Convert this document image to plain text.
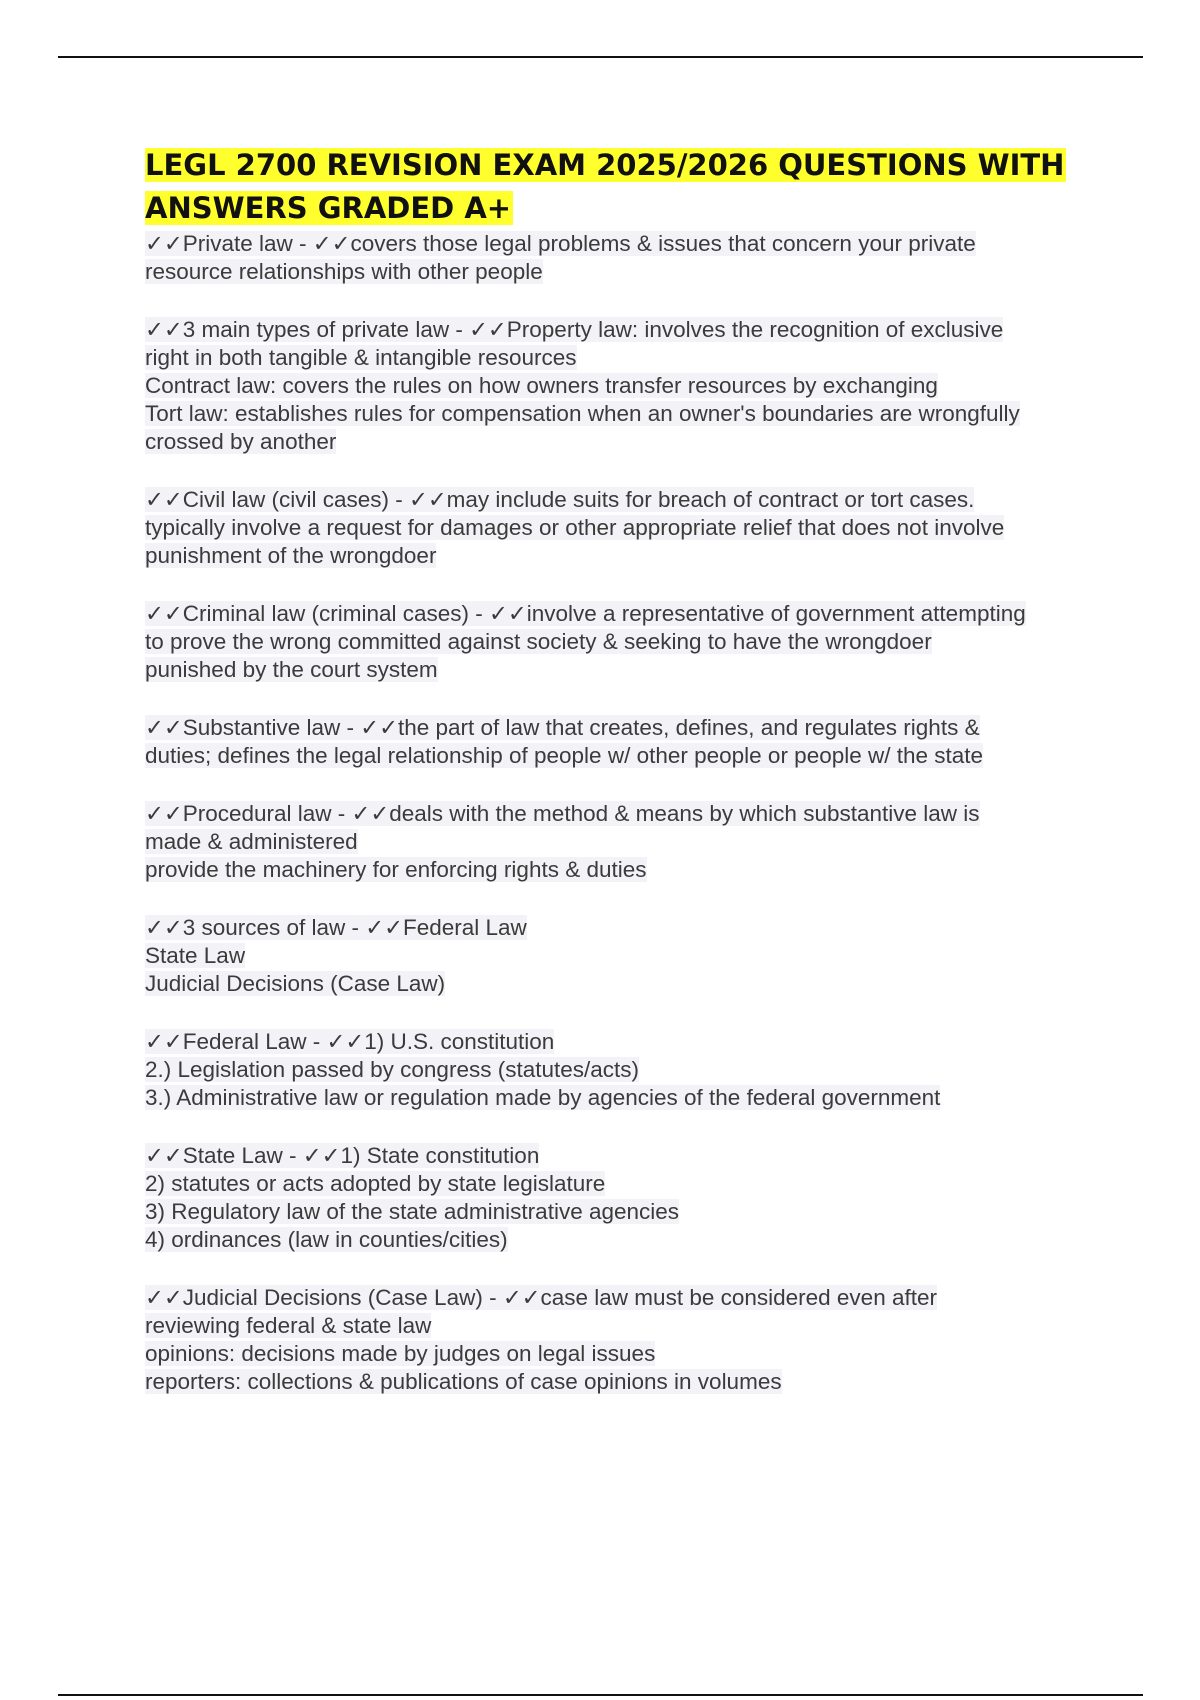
LEGL 2700 REVISION EXAM 2025/2026 QUESTIONS WITH
ANSWERS GRADED A+
✓✓Private law - ✓✓covers those legal problems & issues that concern your private
resource relationships with other people
✓✓3 main types of private law - ✓✓Property law: involves the recognition of exclusive
right in both tangible & intangible resources
Contract law: covers the rules on how owners transfer resources by exchanging
Tort law: establishes rules for compensation when an owner's boundaries are wrongfully
crossed by another
✓✓Civil law (civil cases) - ✓✓may include suits for breach of contract or tort cases.
typically involve a request for damages or other appropriate relief that does not involve
punishment of the wrongdoer
✓✓Criminal law (criminal cases) - ✓✓involve a representative of government attempting
to prove the wrong committed against society & seeking to have the wrongdoer
punished by the court system
✓✓Substantive law - ✓✓the part of law that creates, defines, and regulates rights &
duties; defines the legal relationship of people w/ other people or people w/ the state
✓✓Procedural law - ✓✓deals with the method & means by which substantive law is
made & administered
provide the machinery for enforcing rights & duties
✓✓3 sources of law - ✓✓Federal Law
State Law
Judicial Decisions (Case Law)
✓✓Federal Law - ✓✓1) U.S. constitution
2.) Legislation passed by congress (statutes/acts)
3.) Administrative law or regulation made by agencies of the federal government
✓✓State Law - ✓✓1) State constitution
2) statutes or acts adopted by state legislature
3) Regulatory law of the state administrative agencies
4) ordinances (law in counties/cities)
✓✓Judicial Decisions (Case Law) - ✓✓case law must be considered even after
reviewing federal & state law
opinions: decisions made by judges on legal issues
reporters: collections & publications of case opinions in volumes
